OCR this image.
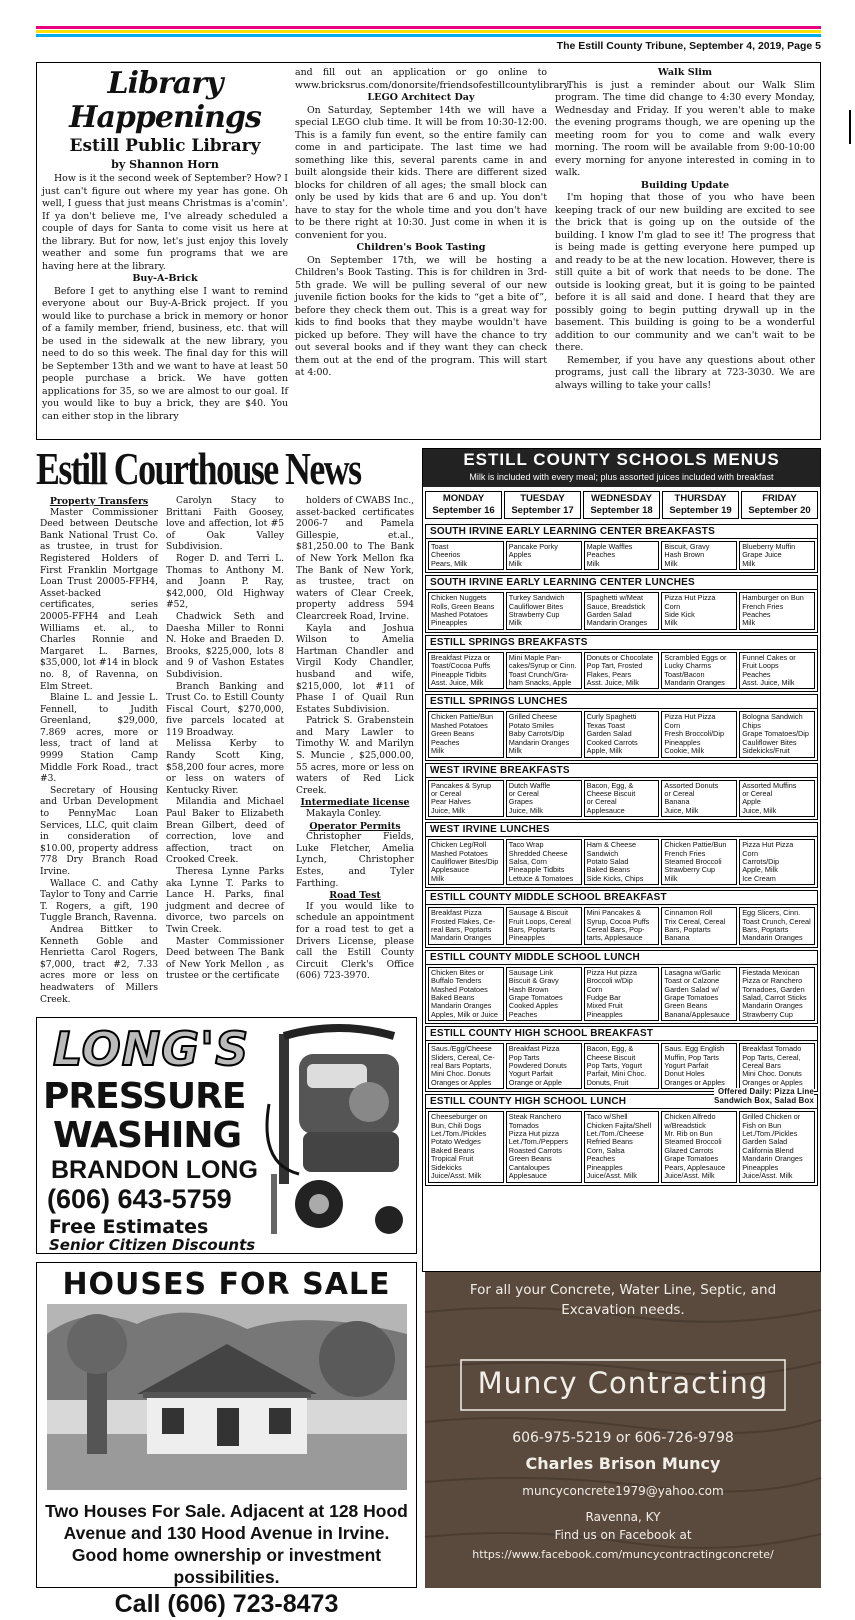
The Estill County Tribune, September 4, 2019, Page 5
Library Happenings
Estill Public Library
by Shannon Horn

How is it the second week of September? How? I just can't figure out where my year has gone. Oh well, I guess that just means Christmas is a'comin'. If ya don't believe me, I've already scheduled a couple of days for Santa to come visit us here at the library. But for now, let's just enjoy this lovely weather and some fun programs that we are having here at the library.

Buy-A-Brick

Before I get to anything else I want to remind everyone about our Buy-A-Brick project. If you would like to purchase a brick in memory or honor of a family member, friend, business, etc. that will be used in the sidewalk at the new library, you need to do so this week. The final day for this will be September 13th and we want to have at least 50 people purchase a brick. We have gotten applications for 35, so we are almost to our goal. If you would like to buy a brick, they are $40. You can either stop in the library

and fill out an application or go online to www.bricksrus.com/donorsite/friendsofestillcountylibrary.

LEGO Architect Day

On Saturday, September 14th we will have a special LEGO club time. It will be from 10:30-12:00. This is a family fun event, so the entire family can come in and participate. The last time we had something like this, several parents came in and built alongside their kids. There are different sized blocks for children of all ages; the small block can only be used by kids that are 6 and up. You don't have to stay for the whole time and you don't have to be there right at 10:30. Just come in when it is convenient for you.

Children's Book Tasting

On September 17th, we will be hosting a Children's Book Tasting. This is for children in 3rd-5th grade. We will be pulling several of our new juvenile fiction books for the kids to “get a bite of”, before they check them out. This is a great way for kids to find books that they maybe wouldn't have picked up before. They will have the chance to try out several books and if they want they can check them out at the end of the program. This will start at 4:00.

Walk Slim

This is just a reminder about our Walk Slim program. The time did change to 4:30 every Monday, Wednesday and Friday. If you weren't able to make the evening programs though, we are opening up the meeting room for you to come and walk every morning. The room will be available from 9:00-10:00 every morning for anyone interested in coming in to walk.

Building Update

I'm hoping that those of you who have been keeping track of our new building are excited to see the brick that is going up on the outside of the building. I know I'm glad to see it! The progress that is being made is getting everyone here pumped up and ready to be at the new location. However, there is still quite a bit of work that needs to be done. The outside is looking great, but it is going to be painted before it is all said and done. I heard that they are possibly going to begin putting drywall up in the basement. This building is going to be a wonderful addition to our community and we can't wait to be there.

Remember, if you have any questions about other programs, just call the library at 723-3030. We are always willing to take your calls!

Estill Courthouse News
Property Transfers

Master Commissioner Deed between Deutsche Bank National Trust Co. as trustee, in trust for Registered Holders of First Franklin Mortgage Loan Trust 20005-FFH4, Asset-backed certificates, series 20005-FFH4 and Leah Williams et. al., to Charles Ronnie and Margaret L. Barnes, $35,000, lot #14 in block no. 8, of Ravenna, on Elm Street.

Blaine L. and Jessie L. Fennell, to Judith Greenland, $29,000, 7.869 acres, more or less, tract of land at 9999 Station Camp Middle Fork Road., tract #3.

Secretary of Housing and Urban Development to PennyMac Loan Services, LLC, quit claim in consideration of $10.00, property address 778 Dry Branch Road Irvine.

Wallace C. and Cathy Taylor to Tony and Carrie T. Rogers, a gift, 190 Tuggle Branch, Ravenna.

Andrea Bittker to Kenneth Goble and Henrietta Carol Rogers, $7,000, tract #2, 7.33 acres more or less on headwaters of Millers Creek.

Carolyn Stacy to Brittani Faith Goosey, love and affection, lot #5 of Oak Valley Subdivision.

Roger D. and Terri L. Thomas to Anthony M. and Joann P. Ray, $42,000, Old Highway #52,

Chadwick Seth and Daesha Miller to Ronni N. Hoke and Braeden D. Brooks, $225,000, lots 8 and 9 of Vashon Estates Subdivision.

Branch Banking and Trust Co. to Estill County Fiscal Court, $270,000, five parcels located at 119 Broadway.

Melissa Kerby to Randy Scott King, $58,200 four acres, more or less on waters of Kentucky River.

Milandia and Michael Paul Baker to Elizabeth Brean Gilbert, deed of correction, love and affection, tract on Crooked Creek.

Theresa Lynne Parks aka Lynne T. Parks to Lance H. Parks, final judgment and decree of divorce, two parcels on Twin Creek.

Master Commissioner Deed between The Bank of New York Mellon , as trustee or the certificate

holders of CWABS Inc., asset-backed certificates 2006-7 and Pamela Gillespie, et.al., $81,250.00 to The Bank of New York Mellon fka The Bank of New York, as trustee, tract on waters of Clear Creek, property address 594 Clearcreek Road, Irvine.

Kayla and Joshua Wilson to Amelia Hartman Chandler and Virgil Kody Chandler, husband and wife, $215,000, lot #11 of Phase I of Quail Run Estates Subdivision.

Patrick S. Grabenstein and Mary Lawler to Timothy W. and Marilyn S. Muncie , $25,000.00, 55 acres, more or less on waters of Red Lick Creek.

Intermediate license

Makayla Conley.

Operator Permits

Christopher Fields, Luke Fletcher, Amelia Lynch, Christopher Estes, and Tyler Farthing.

Road Test

If you would like to schedule an appointment for a road test to get a Drivers License, please call the Estill County Circuit Clerk's Office (606) 723-3970.

ESTILL COUNTY SCHOOLS MENUS
Milk is included with every meal; plus assorted juices included with breakfast
MONDAY
September 16
TUESDAY
September 17
WEDNESDAY
September 18
THURSDAY
September 19
FRIDAY
September 20
SOUTH IRVINE EARLY LEARNING CENTER BREAKFASTS
Toast
Cheerios
Pears, Milk
Pancake Porky
Apples
Milk
Maple Waffles
Peaches
Milk
Biscuit, Gravy
Hash Brown
Milk
Blueberry Muffin
Grape Juice
Milk
SOUTH IRVINE EARLY LEARNING CENTER LUNCHES
Chicken Nuggets
Rolls, Green Beans
Mashed Potatoes
Pineapples
Turkey Sandwich
Cauliflower Bites
Strawberry Cup
Milk
Spaghetti w/Meat
Sauce, Breadstick
Garden Salad
Mandarin Oranges
Pizza Hut Pizza
Corn
Side Kick
Milk
Hamburger on Bun
French Fries
Peaches
Milk
ESTILL SPRINGS BREAKFASTS
Breakfast Pizza or
Toast/Cocoa Puffs
Pineapple Tidbits
Asst. Juice, Milk
Mini Maple Pan-
cakes/Syrup or Cinn.
Toast Crunch/Gra-
ham Snacks, Apple
Donuts or Chocolate
Pop Tart, Frosted
Flakes, Pears
Asst. Juice, Milk
Scrambled Eggs or
Lucky Charms
Toast/Bacon
Mandarin Oranges
Funnel Cakes or
Fruit Loops
Peaches
Asst. Juice, Milk
ESTILL SPRINGS LUNCHES
Chicken Pattie/Bun
Mashed Potatoes
Green Beans
Peaches
Milk
Grilled Cheese
Potato Smiles
Baby Carrots/Dip
Mandarin Oranges
Milk
Curly Spaghetti
Texas Toast
Garden Salad
Cooked Carrots
Apple, Milk
Pizza Hut Pizza
Corn
Fresh Broccoli/Dip
Pineapples
Cookie, Milk
Bologna Sandwich
Chips
Grape Tomatoes/Dip
Cauliflower Bites
Sidekicks/Fruit
WEST IRVINE BREAKFASTS
Pancakes & Syrup
or Cereal
Pear Halves
Juice, Milk
Dutch Waffle
or Cereal
Grapes
Juice, Milk
Bacon, Egg, &
Cheese Biscuit
or Cereal
Applesauce
Assorted Donuts
or Cereal
Banana
Juice, Milk
Assorted Muffins
or Cereal
Apple
Juice, Milk
WEST IRVINE LUNCHES
Chicken Leg/Roll
Mashed Potatoes
Cauliflower Bites/Dip
Applesauce
Milk
Taco Wrap
Shredded Cheese
Salsa, Corn
Pineapple Tidbits
Lettuce & Tomatoes
Ham & Cheese
Sandwich
Potato Salad
Baked Beans
Side Kicks, Chips
Chicken Pattie/Bun
French Fries
Steamed Broccoli
Strawberry Cup
Milk
Pizza Hut Pizza
Corn
Carrots/Dip
Apple, Milk
Ice Cream
ESTILL COUNTY MIDDLE SCHOOL BREAKFAST
Breakfast Pizza
Frosted Flakes, Ce-
real Bars, Poptarts
Mandarin Oranges
Sausage & Biscuit
Fruit Loops, Cereal
Bars, Poptarts
Pineapples
Mini Pancakes &
Syrup, Cocoa Puffs
Cereal Bars, Pop-
tarts, Applesauce
Cinnamon Roll
Trix Cereal, Cereal
Bars, Poptarts
Banana
Egg Slicers, Cinn.
Toast Crunch, Cereal
Bars, Poptarts
Mandarin Oranges
ESTILL COUNTY MIDDLE SCHOOL LUNCH
Chicken Bites or
Buffalo Tenders
Mashed Potatoes
Baked Beans
Mandarin Oranges
Apples, Milk or Juice
Sausage Link
Biscuit & Gravy
Hash Brown
Grape Tomatoes
Cooked Apples
Peaches
Pizza Hut pizza
Broccoli w/Dip
Corn
Fudge Bar
Mixed Fruit
Pineapples
Lasagna w/Garlic
Toast or Calzone
Garden Salad w/
Grape Tomatoes
Green Beans
Banana/Applesauce
Fiestada Mexican
Pizza or Ranchero
Tornadoes, Garden
Salad, Carrot Sticks
Mandarin Oranges
Strawberry Cup
ESTILL COUNTY HIGH SCHOOL BREAKFAST
Saus./Egg/Cheese
Sliders, Cereal, Ce-
real Bars Poptarts,
Mini Choc. Donuts
Oranges or Apples
Breakfast Pizza
Pop Tarts
Powdered Donuts
Yogurt Parfait
Orange or Apple
Bacon, Egg, &
Cheese Biscuit
Pop Tarts, Yogurt
Parfait, Mini Choc.
Donuts, Fruit
Saus. Egg English
Muffin, Pop Tarts
Yogurt Parfait
Donut Holes
Oranges or Apples
Breakfast Tornado
Pop Tarts, Cereal,
Cereal Bars
Mini Choc. Donuts
Oranges or Apples
ESTILL COUNTY HIGH SCHOOL LUNCH
Offered Daily: Pizza Line
Sandwich Box, Salad Box
Cheeseburger on
Bun, Chili Dogs
Let./Tom./Pickles
Potato Wedges
Baked Beans
Tropical Fruit
Sidekicks
Juice/Asst. Milk
Steak Ranchero
Tornados
Pizza Hut pizza
Let./Tom./Peppers
Roasted Carrots
Green Beans
Cantaloupes
Applesauce
Taco w/Shell
Chicken Fajita/Shell
Let./Tom./Cheese
Refried Beans
Corn, Salsa
Peaches
Pineapples
Juice/Asst. Milk
Chicken Alfredo
w/Breadstick
Mr. Rib on Bun
Steamed Broccoli
Glazed Carrots
Grape Tomatoes
Pears, Applesauce
Juice/Asst. Milk
Grilled Chicken or
Fish on Bun
Let./Tom./Pickles
Garden Salad
California Blend
Mandarin Oranges
Pineapples
Juice/Asst. Milk
LONG'S
PRESSURE
WASHING
BRANDON LONG
(606) 643-5759
Free Estimates
Senior Citizen Discounts
HOUSES FOR SALE
Two Houses For Sale. Adjacent at 128 Hood Avenue and 130 Hood Avenue in Irvine. Good home ownership or investment possibilities.
Call (606) 723-8473
For all your Concrete, Water Line, Septic, and
Excavation needs.
Muncy Contracting
606-975-5219 or 606-726-9798
Charles Brison Muncy
muncyconcrete1979@yahoo.com
Ravenna, KY
Find us on Facebook at
https://www.facebook.com/muncycontractingconcrete/
